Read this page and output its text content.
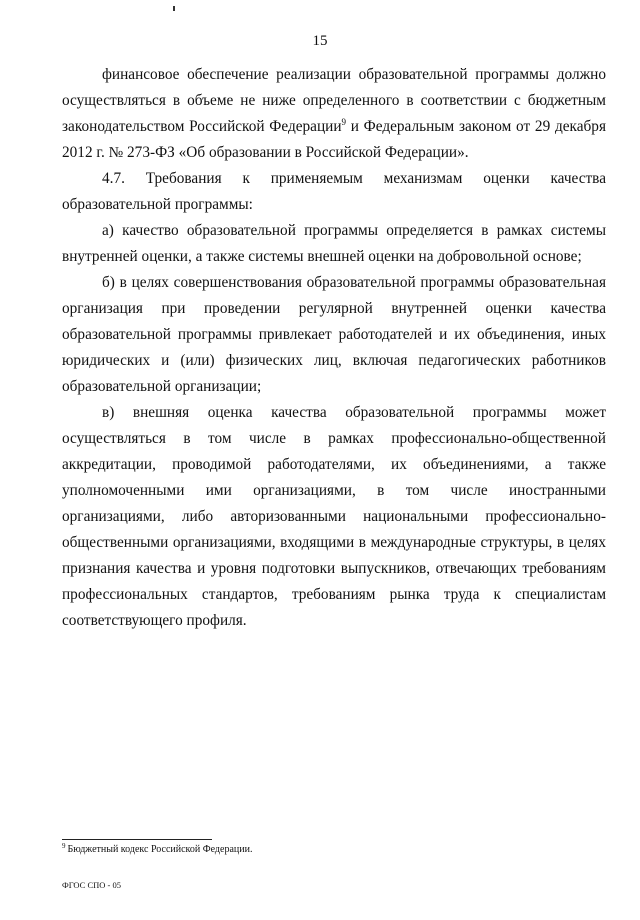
15

финансовое обеспечение реализации образовательной программы должно осуществляться в объеме не ниже определенного в соответствии с бюджетным законодательством Российской Федерации$^9$ и Федеральным законом от 29 декабря 2012 г. № 273-ФЗ «Об образовании в Российской Федерации».

4.7. Требования к применяемым механизмам оценки качества образовательной программы:

а) качество образовательной программы определяется в рамках системы внутренней оценки, а также системы внешней оценки на добровольной основе;

б) в целях совершенствования образовательной программы образовательная организация при проведении регулярной внутренней оценки качества образовательной программы привлекает работодателей и их объединения, иных юридических и (или) физических лиц, включая педагогических работников образовательной организации;

в) внешняя оценка качества образовательной программы может осуществляться в том числе в рамках профессионально-общественной аккредитации, проводимой работодателями, их объединениями, а также уполномоченными ими организациями, в том числе иностранными организациями, либо авторизованными национальными профессионально-общественными организациями, входящими в международные структуры, в целях признания качества и уровня подготовки выпускников, отвечающих требованиям профессиональных стандартов, требованиям рынка труда к специалистам соответствующего профиля.

$^9$ Бюджетный кодекс Российской Федерации.
ФГОС СПО - 05
